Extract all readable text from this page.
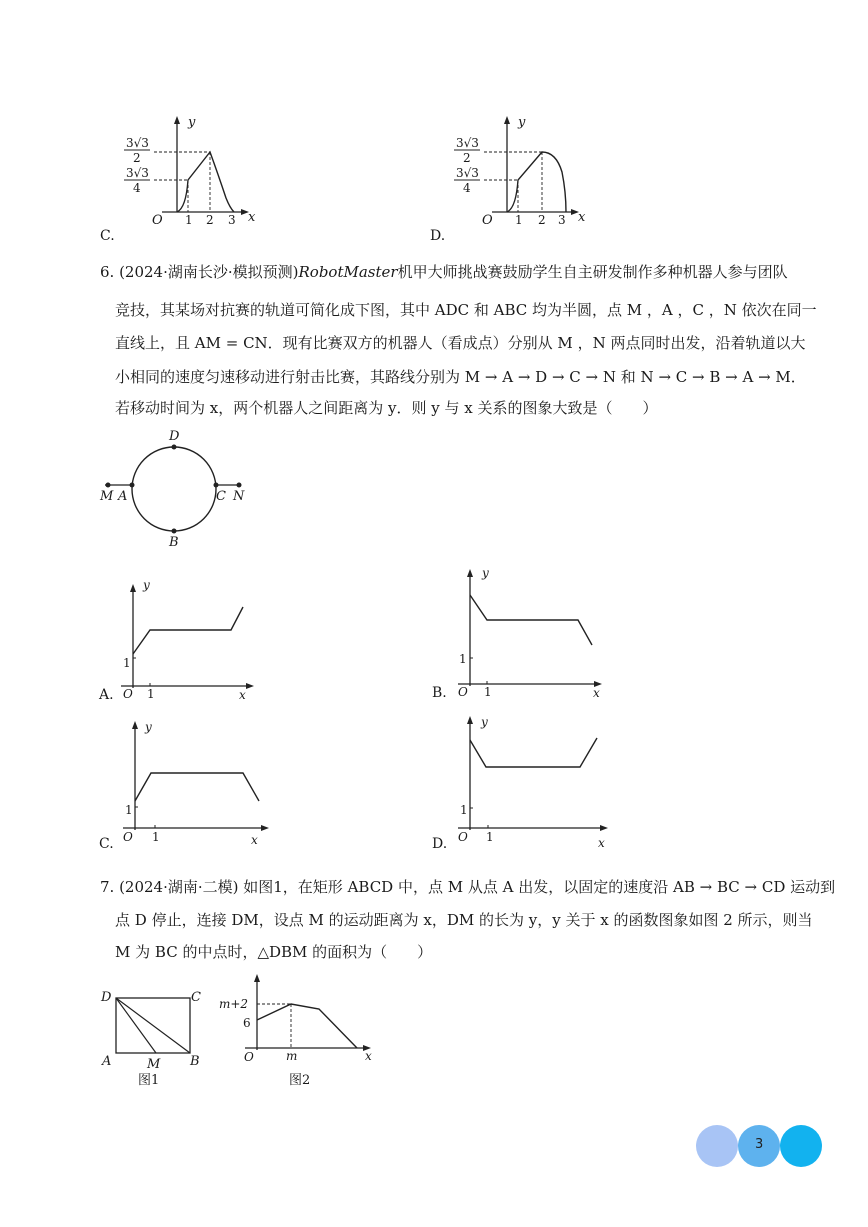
y
x
O
3√3
2
3√3
4
1 2 3
C.
y
x
O
3√3
2
3√3
4
1 2 3
D.
6. (2024·湖南长沙·模拟预测)RobotMaster机甲大师挑战赛鼓励学生自主研发制作多种机器人参与团队
竞技，其某场对抗赛的轨道可简化成下图，其中 ADC 和 ABC 均为半圆，点 M ，A ，C ，N 依次在同一
直线上，且 AM = CN．现有比赛双方的机器人（看成点）分别从 M ，N 两点同时出发，沿着轨道以大
小相同的速度匀速移动进行射击比赛，其路线分别为 M → A → D → C → N 和 N → C → B → A → M．
若移动时间为 x，两个机器人之间距离为 y．则 y 与 x 关系的图象大致是（　　）
D
B
M A	C N
y
x
O 1
1
A.
y
x
O 1
1
B.
y
x
O 1
1
C.
y
x
O 1
1
D.
7. (2024·湖南·二模) 如图1，在矩形 ABCD 中，点 M 从点 A 出发，以固定的速度沿 AB → BC → CD 运动到
点 D 停止，连接 DM，设点 M 的运动距离为 x，DM 的长为 y，y 关于 x 的函数图象如图 2 所示，则当
M 为 BC 的中点时，△DBM 的面积为（　　）
D	C
A	M B
图1
m+2
6
O	m	x
图2
3
